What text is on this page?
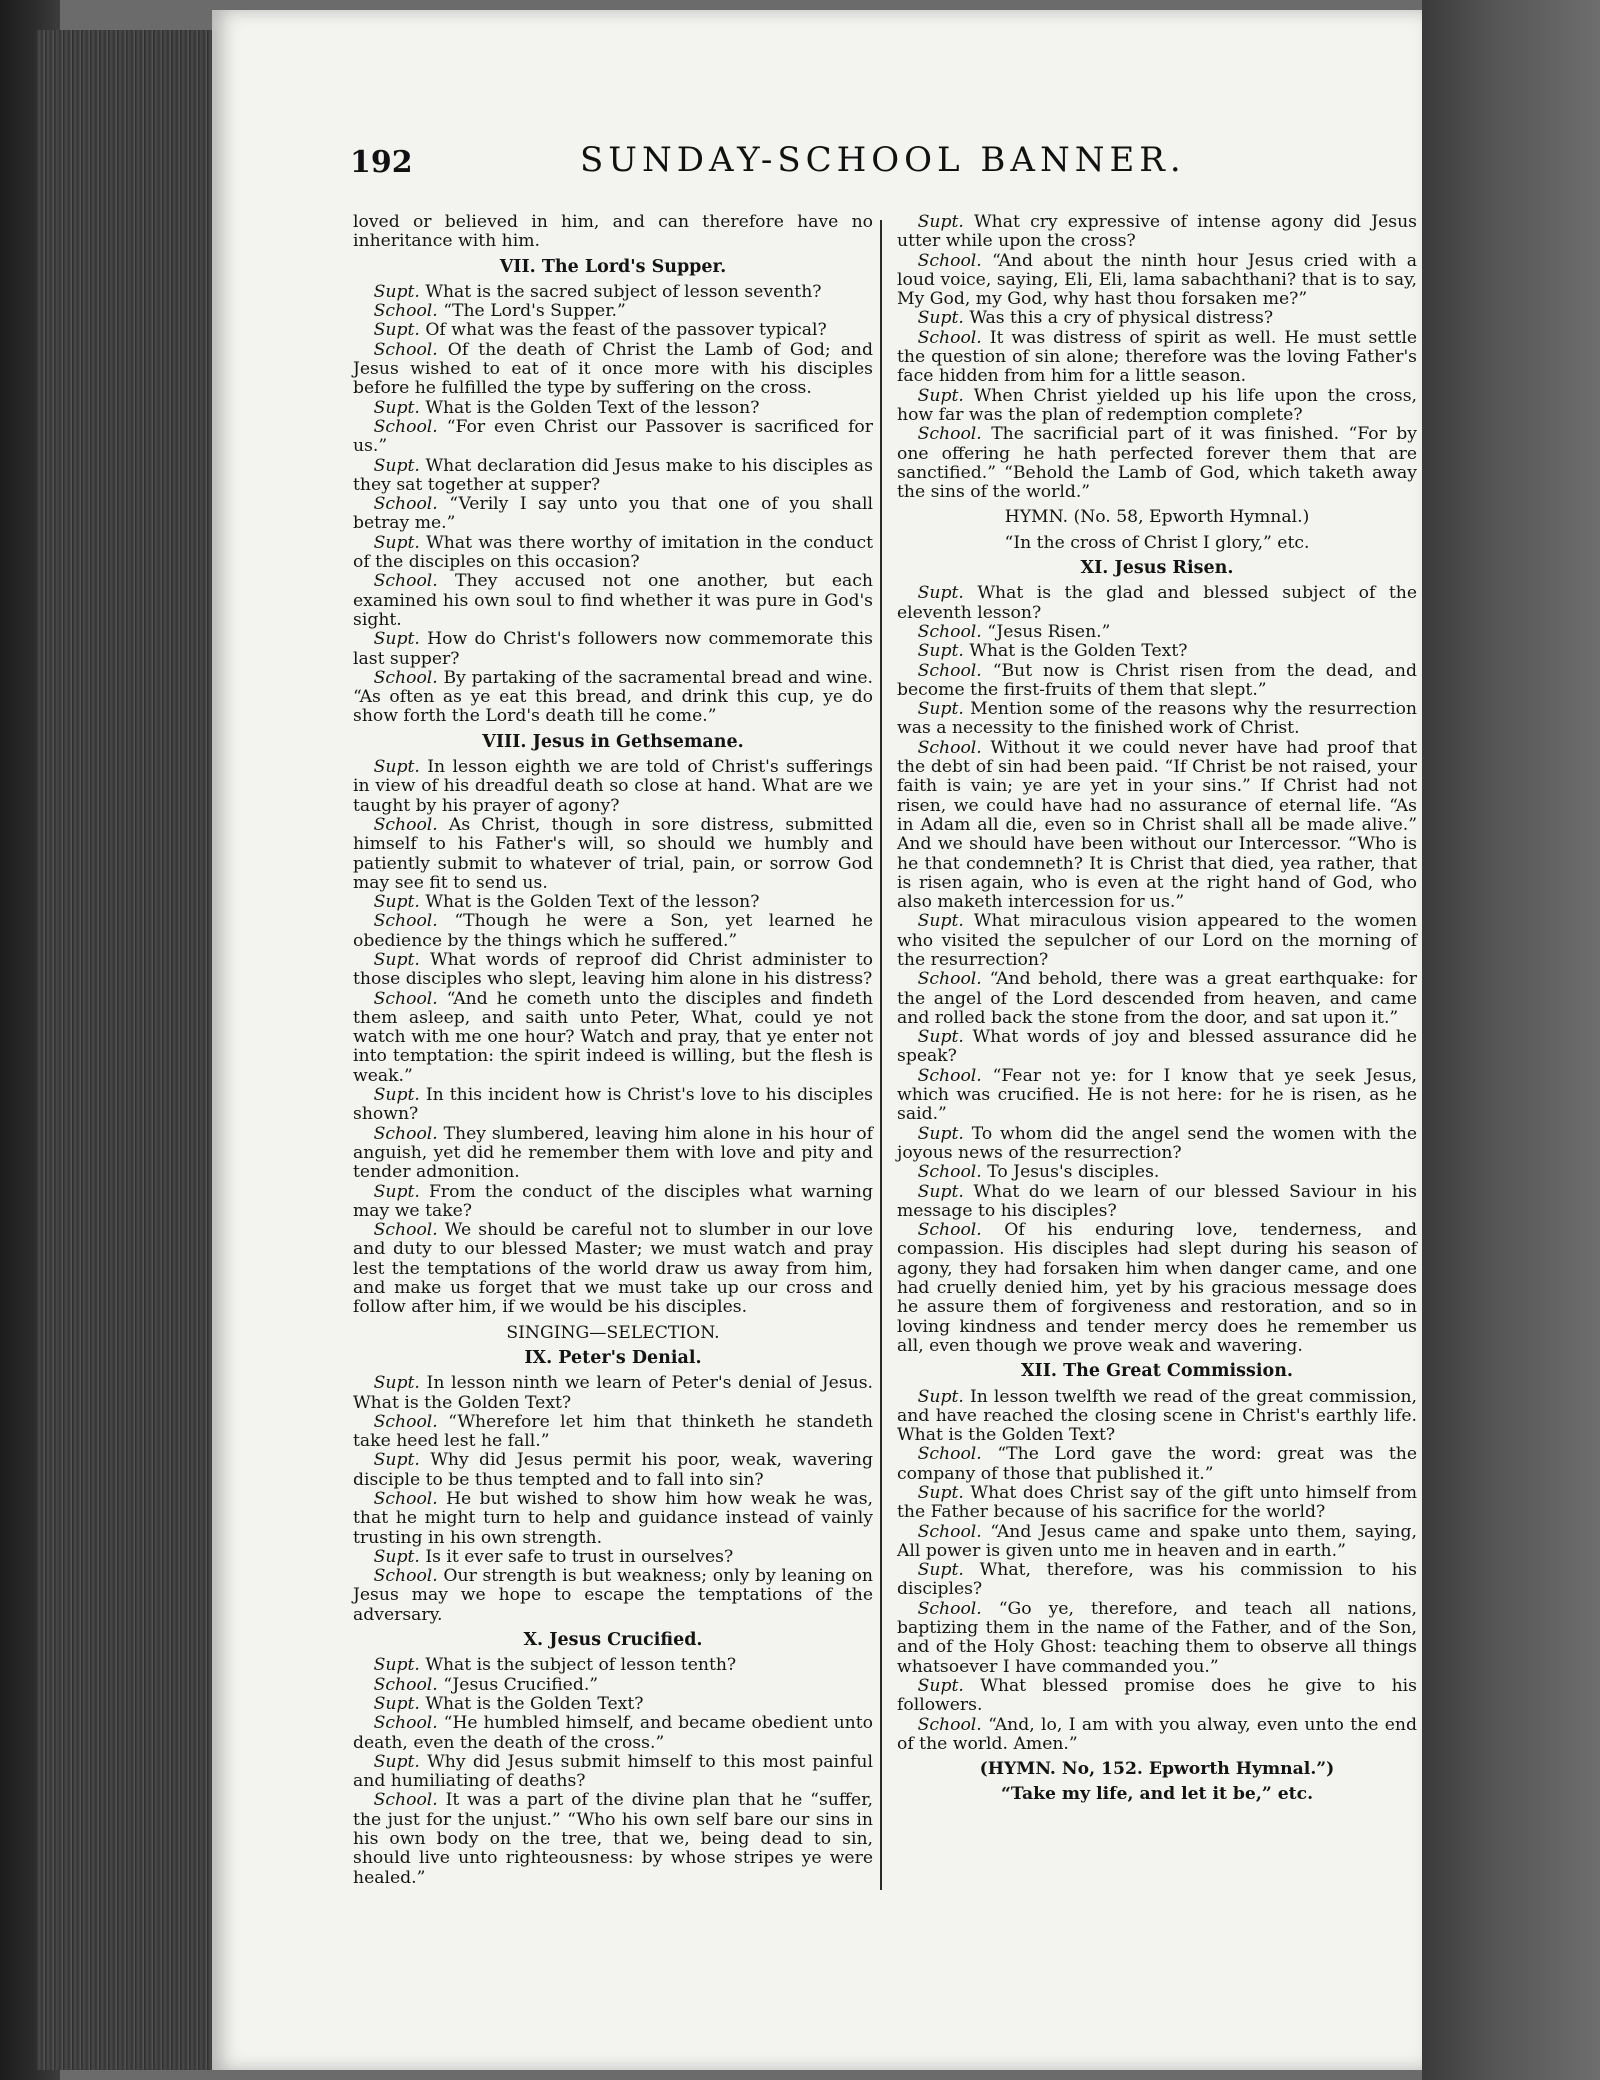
192	SUNDAY-SCHOOL BANNER.

loved or believed in him, and can therefore have no inheritance with him.

VII. The Lord's Supper.

Supt. What is the sacred subject of lesson seventh?

School. “The Lord's Supper.”

Supt. Of what was the feast of the passover typical?

School. Of the death of Christ the Lamb of God; and Jesus wished to eat of it once more with his disciples before he fulfilled the type by suffering on the cross.

Supt. What is the Golden Text of the lesson?

School. “For even Christ our Passover is sacrificed for us.”

Supt. What declaration did Jesus make to his disciples as they sat together at supper?

School. “Verily I say unto you that one of you shall betray me.”

Supt. What was there worthy of imitation in the conduct of the disciples on this occasion?

School. They accused not one another, but each examined his own soul to find whether it was pure in God's sight.

Supt. How do Christ's followers now commemorate this last supper?

School. By partaking of the sacramental bread and wine. “As often as ye eat this bread, and drink this cup, ye do show forth the Lord's death till he come.”

VIII. Jesus in Gethsemane.

Supt. In lesson eighth we are told of Christ's sufferings in view of his dreadful death so close at hand. What are we taught by his prayer of agony?

School. As Christ, though in sore distress, submitted himself to his Father's will, so should we humbly and patiently submit to whatever of trial, pain, or sorrow God may see fit to send us.

Supt. What is the Golden Text of the lesson?

School. “Though he were a Son, yet learned he obedience by the things which he suffered.”

Supt. What words of reproof did Christ administer to those disciples who slept, leaving him alone in his distress?

School. “And he cometh unto the disciples and findeth them asleep, and saith unto Peter, What, could ye not watch with me one hour? Watch and pray, that ye enter not into temptation: the spirit indeed is willing, but the flesh is weak.”

Supt. In this incident how is Christ's love to his disciples shown?

School. They slumbered, leaving him alone in his hour of anguish, yet did he remember them with love and pity and tender admonition.

Supt. From the conduct of the disciples what warning may we take?

School. We should be careful not to slumber in our love and duty to our blessed Master; we must watch and pray lest the temptations of the world draw us away from him, and make us forget that we must take up our cross and follow after him, if we would be his disciples.

SINGING—SELECTION.

IX. Peter's Denial.

Supt. In lesson ninth we learn of Peter's denial of Jesus. What is the Golden Text?

School. “Wherefore let him that thinketh he standeth take heed lest he fall.”

Supt. Why did Jesus permit his poor, weak, wavering disciple to be thus tempted and to fall into sin?

School. He but wished to show him how weak he was, that he might turn to help and guidance instead of vainly trusting in his own strength.

Supt. Is it ever safe to trust in ourselves?

School. Our strength is but weakness; only by leaning on Jesus may we hope to escape the temptations of the adversary.

X. Jesus Crucified.

Supt. What is the subject of lesson tenth?

School. “Jesus Crucified.”

Supt. What is the Golden Text?

School. “He humbled himself, and became obedient unto death, even the death of the cross.”

Supt. Why did Jesus submit himself to this most painful and humiliating of deaths?

School. It was a part of the divine plan that he “suffer, the just for the unjust.” “Who his own self bare our sins in his own body on the tree, that we, being dead to sin, should live unto righteousness: by whose stripes ye were healed.”

Supt. What cry expressive of intense agony did Jesus utter while upon the cross?

School. “And about the ninth hour Jesus cried with a loud voice, saying, Eli, Eli, lama sabachthani? that is to say, My God, my God, why hast thou forsaken me?”

Supt. Was this a cry of physical distress?

School. It was distress of spirit as well. He must settle the question of sin alone; therefore was the loving Father's face hidden from him for a little season.

Supt. When Christ yielded up his life upon the cross, how far was the plan of redemption complete?

School. The sacrificial part of it was finished. “For by one offering he hath perfected forever them that are sanctified.” “Behold the Lamb of God, which taketh away the sins of the world.”

HYMN. (No. 58, Epworth Hymnal.)

“In the cross of Christ I glory,” etc.

XI. Jesus Risen.

Supt. What is the glad and blessed subject of the eleventh lesson?

School. “Jesus Risen.”

Supt. What is the Golden Text?

School. “But now is Christ risen from the dead, and become the first-fruits of them that slept.”

Supt. Mention some of the reasons why the resurrection was a necessity to the finished work of Christ.

School. Without it we could never have had proof that the debt of sin had been paid. “If Christ be not raised, your faith is vain; ye are yet in your sins.” If Christ had not risen, we could have had no assurance of eternal life. “As in Adam all die, even so in Christ shall all be made alive.” And we should have been without our Intercessor. “Who is he that condemneth? It is Christ that died, yea rather, that is risen again, who is even at the right hand of God, who also maketh intercession for us.”

Supt. What miraculous vision appeared to the women who visited the sepulcher of our Lord on the morning of the resurrection?

School. “And behold, there was a great earthquake: for the angel of the Lord descended from heaven, and came and rolled back the stone from the door, and sat upon it.”

Supt. What words of joy and blessed assurance did he speak?

School. “Fear not ye: for I know that ye seek Jesus, which was crucified. He is not here: for he is risen, as he said.”

Supt. To whom did the angel send the women with the joyous news of the resurrection?

School. To Jesus's disciples.

Supt. What do we learn of our blessed Saviour in his message to his disciples?

School. Of his enduring love, tenderness, and compassion. His disciples had slept during his season of agony, they had forsaken him when danger came, and one had cruelly denied him, yet by his gracious message does he assure them of forgiveness and restoration, and so in loving kindness and tender mercy does he remember us all, even though we prove weak and wavering.

XII. The Great Commission.

Supt. In lesson twelfth we read of the great commission, and have reached the closing scene in Christ's earthly life. What is the Golden Text?

School. “The Lord gave the word: great was the company of those that published it.”

Supt. What does Christ say of the gift unto himself from the Father because of his sacrifice for the world?

School. “And Jesus came and spake unto them, saying, All power is given unto me in heaven and in earth.”

Supt. What, therefore, was his commission to his disciples?

School. “Go ye, therefore, and teach all nations, baptizing them in the name of the Father, and of the Son, and of the Holy Ghost: teaching them to observe all things whatsoever I have commanded you.”

Supt. What blessed promise does he give to his followers.

School. “And, lo, I am with you alway, even unto the end of the world. Amen.”

(HYMN. No, 152. Epworth Hymnal.”)

“Take my life, and let it be,” etc.
